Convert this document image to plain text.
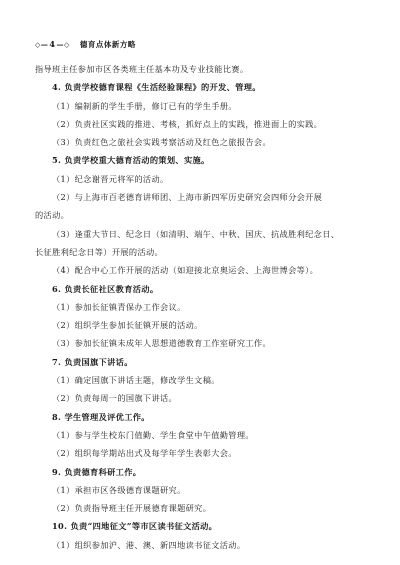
◇— 4 —◇ 德育点体新方略
指导班主任参加市区各类班主任基本功及专业技能比赛。
4. 负责学校德育课程《生活经验课程》的开发、管理。
（1）编制新的学生手册，修订已有的学生手册。
（2）负责社区实践的推进、考核，抓好点上的实践，推进面上的实践。
（3）负责红色之旅社会实践考察活动及红色之旅报告会。
5. 负责学校重大德育活动的策划、实施。
（1）纪念谢晋元将军的活动。
（2）与上海市百老德育讲师团、上海市新四军历史研究会四师分会开展
的活动。
（3）逢重大节日、纪念日（如清明、端午、中秋、国庆、抗战胜利纪念日、
长征胜利纪念日等）开展的活动。
（4）配合中心工作开展的活动（如迎接北京奥运会、上海世博会等）。
6. 负责长征社区教育活动。
（1）参加长征镇青保办工作会议。
（2）组织学生参加长征镇开展的活动。
（3）参加长征镇未成年人思想道德教育工作室研究工作。
7. 负责国旗下讲话。
（1）确定国旗下讲话主题，修改学生文稿。
（2）负责每周一的国旗下讲话。
8. 学生管理及评优工作。
（1）参与学生校东门值勤、学生食堂中午值勤管理。
（2）组织每学期站出式及每学年学生表彰大会。
9. 负责德育科研工作。
（1）承担市区各级德育课题研究。
（2）负责指导班主任开展德育课题研究。
10. 负责“四地征文”等市区读书征文活动。
（1）组织参加沪、港、澳、新四地读书征文活动。
